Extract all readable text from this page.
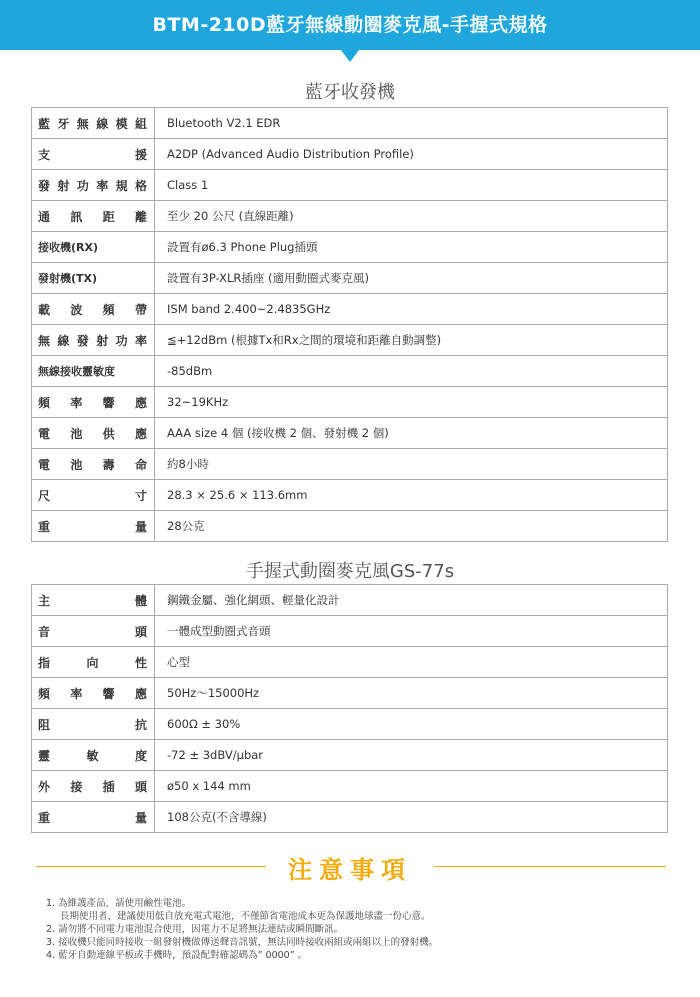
BTM-210D藍牙無線動圈麥克風-手握式規格
藍牙收發機
藍牙無線模組	Bluetooth V2.1 EDR
支援	A2DP (Advanced Audio Distribution Profile)
發射功率規格	Class 1
通訊距離	至少 20 公尺 (直線距離)
接收機(RX)	設置有ø6.3 Phone Plug插頭
發射機(TX)	設置有3P-XLR插座 (適用動圈式麥克風)
載波頻帶	ISM band 2.400~2.4835GHz
無線發射功率	≦+12dBm (根據Tx和Rx之間的環境和距離自動調整)
無線接收靈敏度	-85dBm
頻率響應	32~19KHz
電池供應	AAA size 4 個 (接收機 2 個、發射機 2 個)
電池壽命	約8小時
尺寸	28.3 × 25.6 × 113.6mm
重量	28公克
手握式動圈麥克風GS-77s
主體	鋼鐵金屬、強化網頭、輕量化設計
音頭	一體成型動圈式音頭
指向性	心型
頻率響應	50Hz～15000Hz
阻抗	600Ω ± 30%
靈敏度	-72 ± 3dBV/μbar
外接插頭	ø50 x 144 mm
重量	108公克(不含導線)
注意事項
1. 為維護產品，請使用鹼性電池。
長期使用者，建議使用低自放充電式電池，不僅節省電池成本更為保護地球盡一份心意。
2. 請勿將不同電力電池混合使用，因電力不足將無法連結或瞬間斷訊。
3. 接收機只能同時接收一組發射機做傳送聲音訊號，無法同時接收兩組或兩組以上的發射機。
4. 藍牙自動連線平板或手機時，預設配對確認碼為” 0000” 。
